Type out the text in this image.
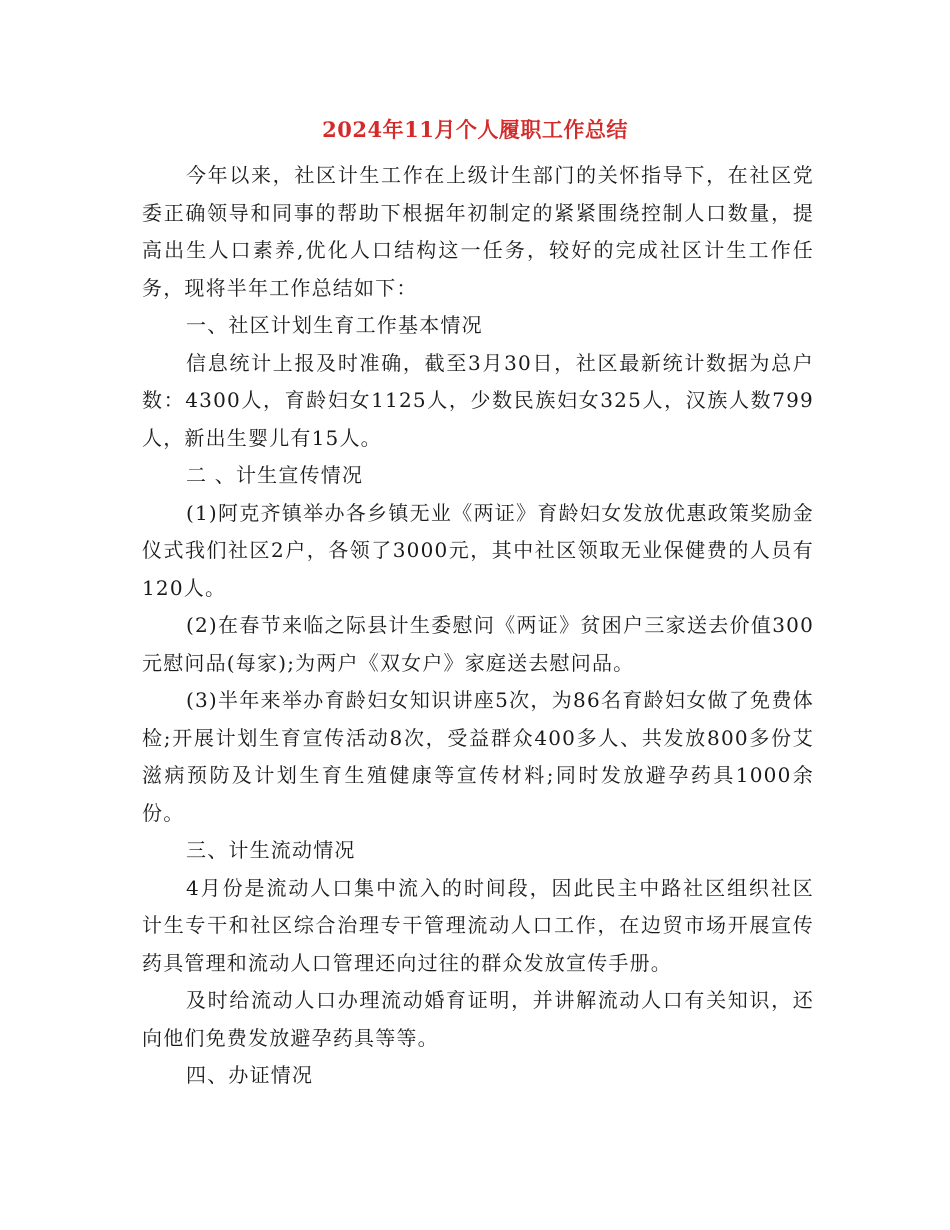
2024年11月个人履职工作总结

今年以来，社区计生工作在上级计生部门的关怀指导下，在社区党委正确领导和同事的帮助下根据年初制定的紧紧围绕控制人口数量，提高出生人口素养,优化人口结构这一任务，较好的完成社区计生工作任务，现将半年工作总结如下：

一、社区计划生育工作基本情况

信息统计上报及时准确，截至3月30日，社区最新统计数据为总户数：4300人，育龄妇女1125人，少数民族妇女325人，汉族人数799人，新出生婴儿有15人。

二 、计生宣传情况

(1)阿克齐镇举办各乡镇无业《两证》育龄妇女发放优惠政策奖励金仪式我们社区2户，各领了3000元，其中社区领取无业保健费的人员有120人。

(2)在春节来临之际县计生委慰问《两证》贫困户三家送去价值300元慰问品(每家);为两户《双女户》家庭送去慰问品。

(3)半年来举办育龄妇女知识讲座5次，为86名育龄妇女做了免费体检;开展计划生育宣传活动8次，受益群众400多人、共发放800多份艾滋病预防及计划生育生殖健康等宣传材料;同时发放避孕药具1000余份。

三、计生流动情况

4月份是流动人口集中流入的时间段，因此民主中路社区组织社区计生专干和社区综合治理专干管理流动人口工作，在边贸市场开展宣传药具管理和流动人口管理还向过往的群众发放宣传手册。

及时给流动人口办理流动婚育证明，并讲解流动人口有关知识，还向他们免费发放避孕药具等等。

四、办证情况
